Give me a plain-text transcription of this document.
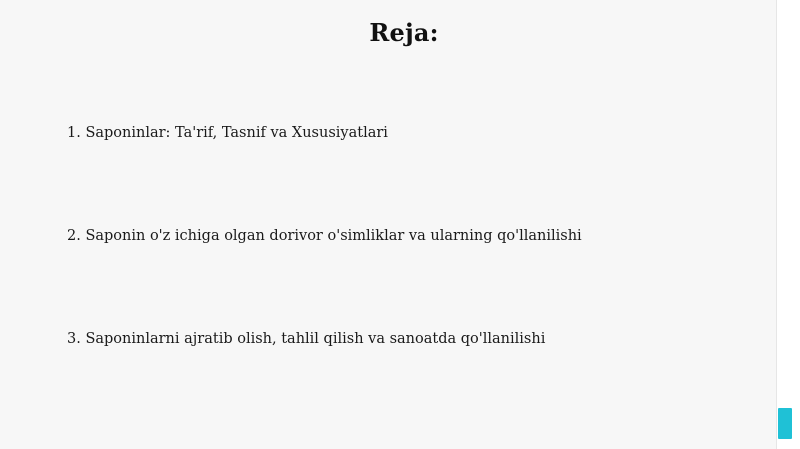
Reja:
1. Saponinlar: Ta'rif, Tasnif va Xususiyatlari
2. Saponin o'z ichiga olgan dorivor o'simliklar va ularning qo'llanilishi
3. Saponinlarni ajratib olish, tahlil qilish va sanoatda qo'llanilishi
